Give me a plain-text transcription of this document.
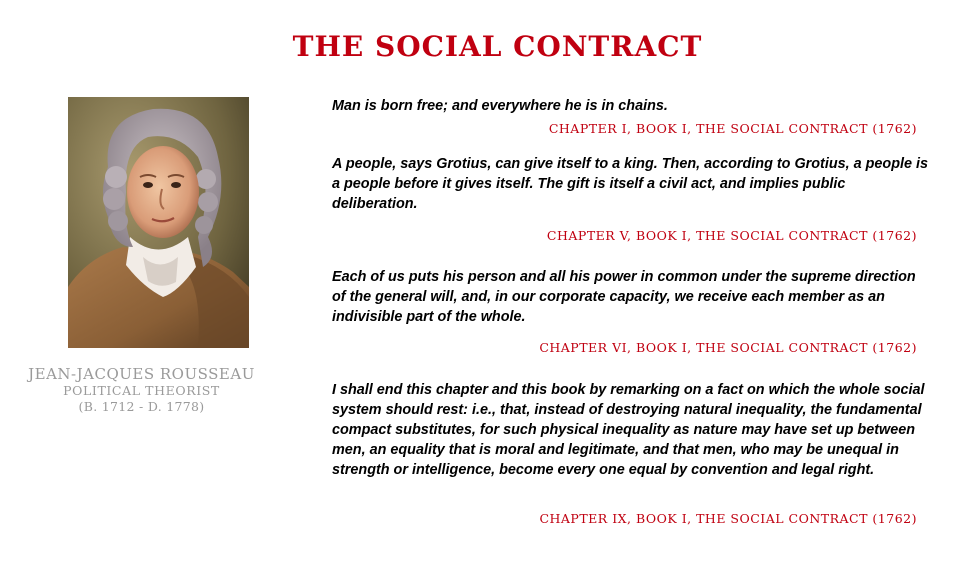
THE SOCIAL CONTRACT
JEAN-JACQUES ROUSSEAU
POLITICAL THEORIST
(B. 1712 - D. 1778)

Man is born free; and everywhere he is in chains.

CHAPTER I, BOOK I, THE SOCIAL CONTRACT (1762)

A people, says Grotius, can give itself to a king. Then, according to Grotius, a people is a people before it gives itself. The gift is itself a civil act, and implies public deliberation.

CHAPTER V, BOOK I, THE SOCIAL CONTRACT (1762)

Each of us puts his person and all his power in common under the supreme direction of the general will, and, in our corporate capacity, we receive each member as an indivisible part of the whole.

CHAPTER VI, BOOK I, THE SOCIAL CONTRACT (1762)

I shall end this chapter and this book by remarking on a fact on which the whole social system should rest: i.e., that, instead of destroying natural inequality, the fundamental compact substitutes, for such physical inequality as nature may have set up between men, an equality that is moral and legitimate, and that men, who may be unequal in strength or intelligence, become every one equal by convention and legal right.

CHAPTER IX, BOOK I, THE SOCIAL CONTRACT (1762)
